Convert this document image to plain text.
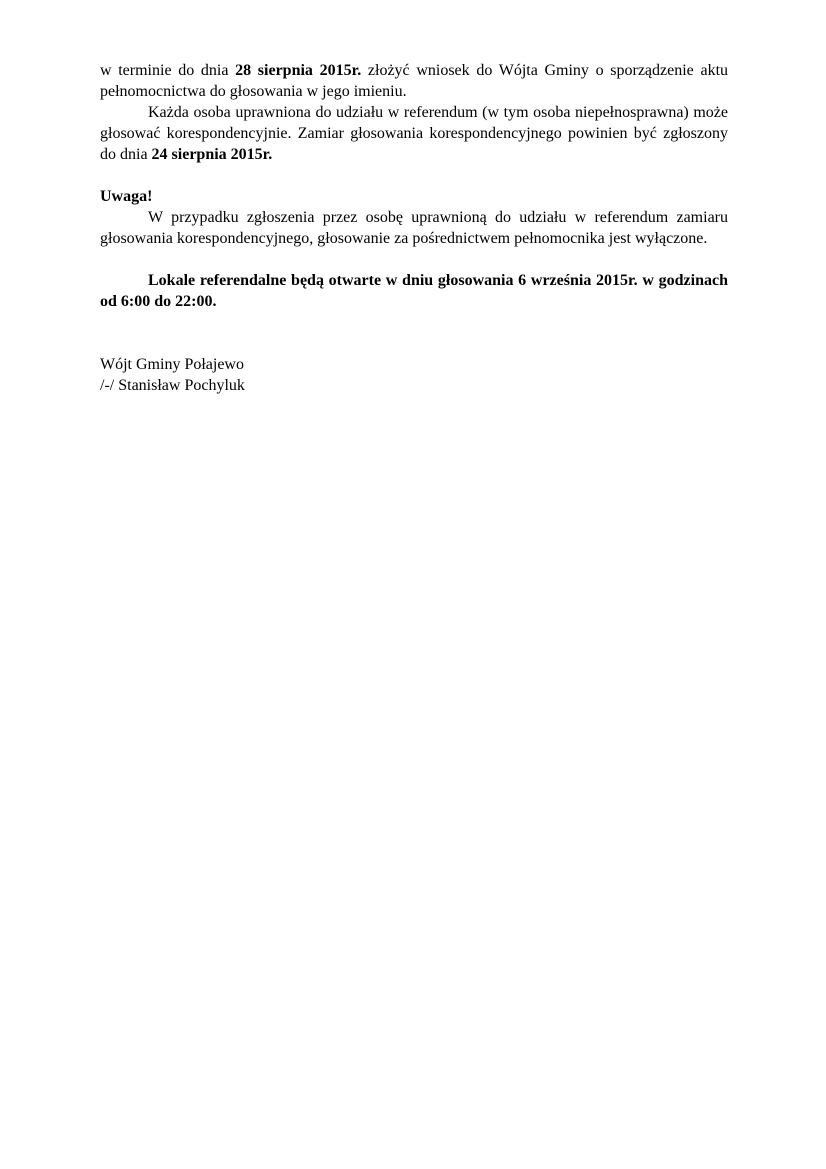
w terminie do dnia 28 sierpnia 2015r. złożyć wniosek do Wójta Gminy o sporządzenie aktu pełnomocnictwa do głosowania w jego imieniu.

Każda osoba uprawniona do udziału w referendum (w tym osoba niepełnosprawna) może głosować korespondencyjnie. Zamiar głosowania korespondencyjnego powinien być zgłoszony do dnia 24 sierpnia 2015r.

Uwaga!

W przypadku zgłoszenia przez osobę uprawnioną do udziału w referendum zamiaru głosowania korespondencyjnego, głosowanie za pośrednictwem pełnomocnika jest wyłączone.

Lokale referendalne będą otwarte w dniu głosowania 6 września 2015r. w godzinach od 6:00 do 22:00.

Wójt Gminy Połajewo

/-/ Stanisław Pochyluk
